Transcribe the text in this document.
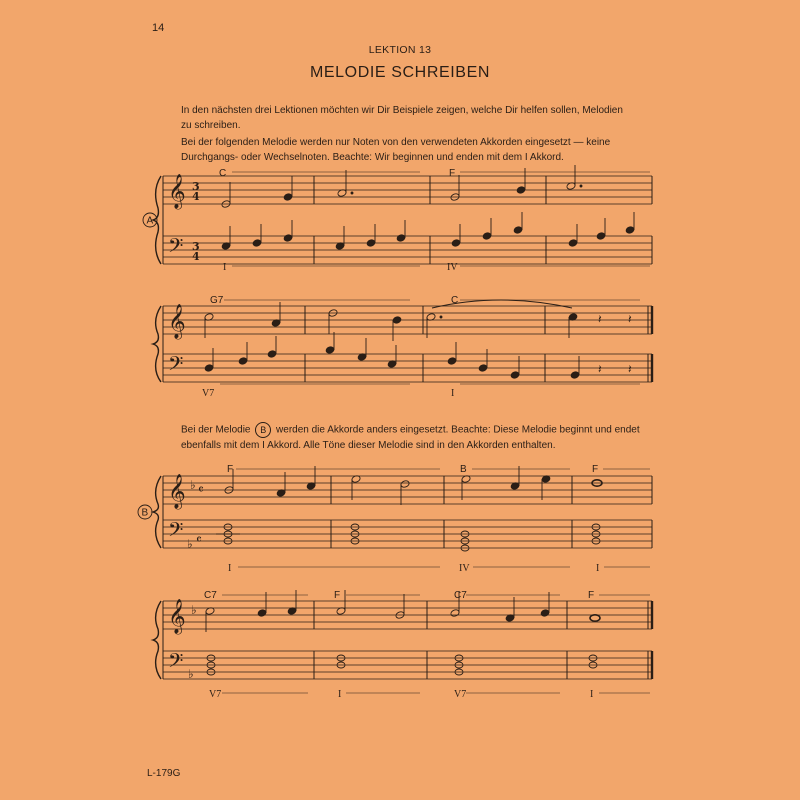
14
LEKTION 13
MELODIE SCHREIBEN
In den nächsten drei Lektionen möchten wir Dir Beispiele zeigen, welche Dir helfen sollen, Melodien
zu schreiben.
Bei der folgenden Melodie werden nur Noten von den verwendeten Akkorden eingesetzt — keine
Durchgangs- oder Wechselnoten. Beachte: Wir beginnen und enden mit dem I Akkord.
Bei der Melodie B werden die Akkorde anders eingesetzt. Beachte: Diese Melodie beginnt und endet
ebenfalls mit dem I Akkord. Alle Töne dieser Melodie sind in den Akkorden enthalten.
𝄞
𝄢
3
4
3
4
𝄞
𝄢
𝄞 ♭ 𝄴
𝄢 ♭ 𝄴
𝄞 ♭
𝄢 ♭
𝄽 𝄽
𝄽 𝄽
A
B
C	F
G7	C
F	B	F
C7	F	C7	F
I	IV
V7	I
I	IV	I
V7	I	V7	I
L-179G
